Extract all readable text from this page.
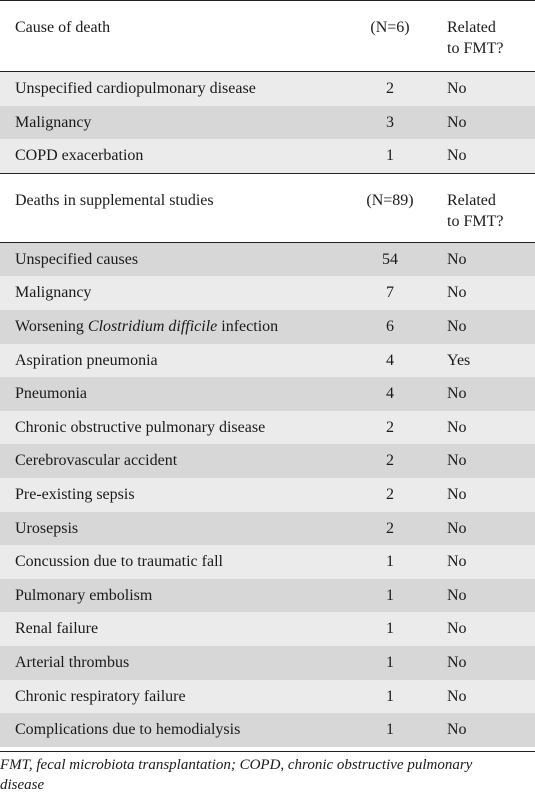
Cause of death	(N=6)	Related
to FMT?
Unspecified cardiopulmonary disease	2	No
Malignancy	3	No
COPD exacerbation	1	No
Deaths in supplemental studies	(N=89)	Related
to FMT?
Unspecified causes	54	No
Malignancy	7	No
Worsening Clostridium difficile infection	6	No
Aspiration pneumonia	4	Yes
Pneumonia	4	No
Chronic obstructive pulmonary disease	2	No
Cerebrovascular accident	2	No
Pre-existing sepsis	2	No
Urosepsis	2	No
Concussion due to traumatic fall	1	No
Pulmonary embolism	1	No
Renal failure	1	No
Arterial thrombus	1	No
Chronic respiratory failure	1	No
Complications due to hemodialysis	1	No
FMT, fecal microbiota transplantation; COPD, chronic obstructive pulmonary
disease
